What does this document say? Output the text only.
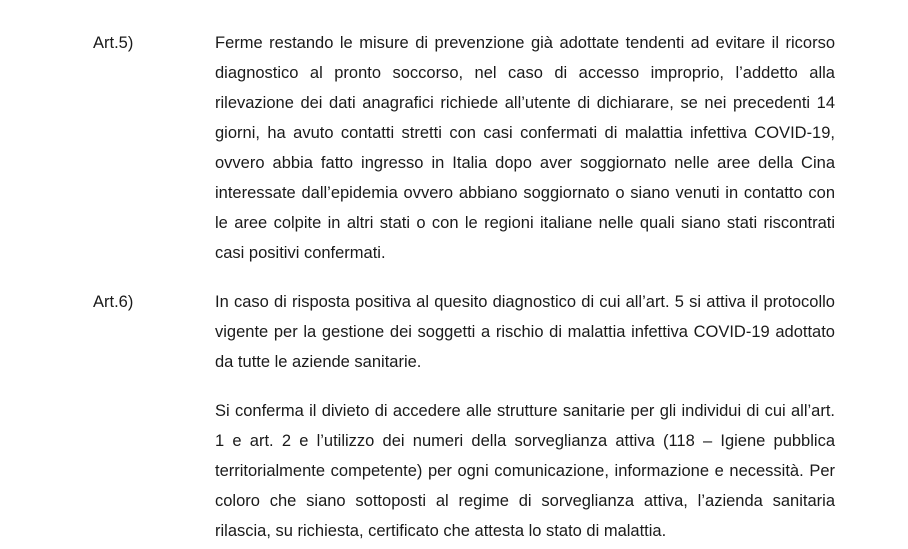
Art.5)	Ferme restando le misure di prevenzione già adottate tendenti ad evitare il ricorso diagnostico al pronto soccorso, nel caso di accesso improprio, l’addetto alla rilevazione dei dati anagrafici richiede all’utente di dichiarare, se nei precedenti 14 giorni, ha avuto contatti stretti con casi confermati di malattia infettiva COVID-19, ovvero abbia fatto ingresso in Italia dopo aver soggiornato nelle aree della Cina interessate dall’epidemia ovvero abbiano soggiornato o siano venuti in contatto con le aree colpite in altri stati o con le regioni italiane nelle quali siano stati riscontrati casi positivi confermati.

Art.6)	In caso di risposta positiva al quesito diagnostico di cui all’art. 5 si attiva il protocollo vigente per la gestione dei soggetti a rischio di malattia infettiva COVID-19 adottato da tutte le aziende sanitarie.

Si conferma il divieto di accedere alle strutture sanitarie per gli individui di cui all’art. 1 e art. 2 e l’utilizzo dei numeri della sorveglianza attiva (118 – Igiene pubblica territorialmente competente) per ogni comunicazione, informazione e necessità. Per coloro che siano sottoposti al regime di sorveglianza attiva, l’azienda sanitaria rilascia, su richiesta, certificato che attesta lo stato di malattia.
